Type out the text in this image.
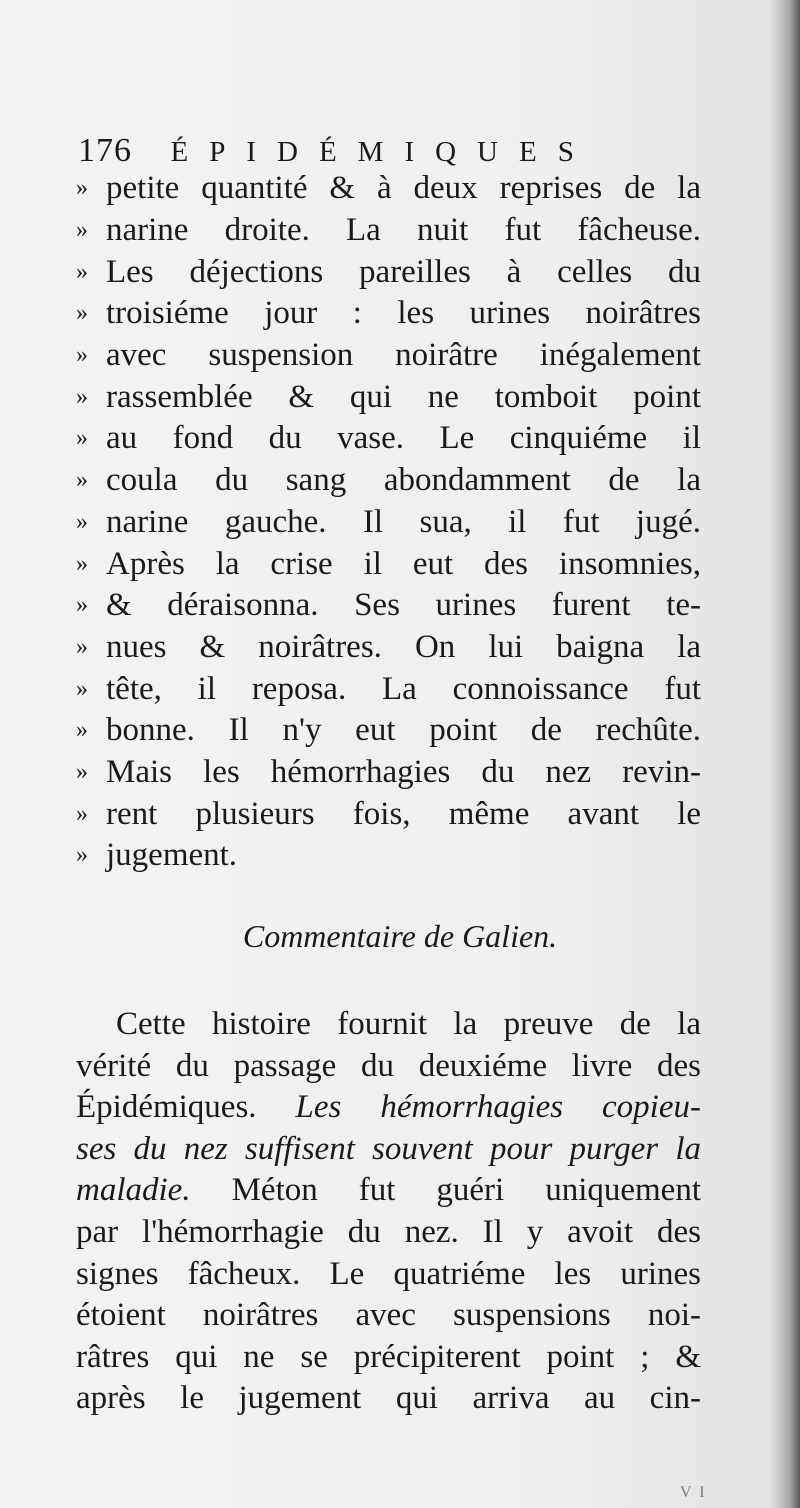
176 ÉPIDÉMIQUES
» petite quantité & à deux reprises de la
» narine droite. La nuit fut fâcheuse.
» Les déjections pareilles à celles du
» troisiéme jour : les urines noirâtres
» avec suspension noirâtre inégalement
» rassemblée & qui ne tomboit point
» au fond du vase. Le cinquiéme il
» coula du sang abondamment de la
» narine gauche. Il sua, il fut jugé.
» Après la crise il eut des insomnies,
» & déraisonna. Ses urines furent te-
» nues & noirâtres. On lui baigna la
» tête, il reposa. La connoissance fut
» bonne. Il n'y eut point de rechûte.
» Mais les hémorrhagies du nez revin-
» rent plusieurs fois, même avant le
» jugement.
Commentaire de Galien.
Cette histoire fournit la preuve de la
vérité du passage du deuxiéme livre des
Épidémiques. Les hémorrhagies copieu-
ses du nez suffisent souvent pour purger la
maladie. Méton fut guéri uniquement
par l'hémorrhagie du nez. Il y avoit des
signes fâcheux. Le quatriéme les urines
étoient noirâtres avec suspensions noi-
râtres qui ne se précipiterent point ; &
après le jugement qui arriva au cin-
V I
